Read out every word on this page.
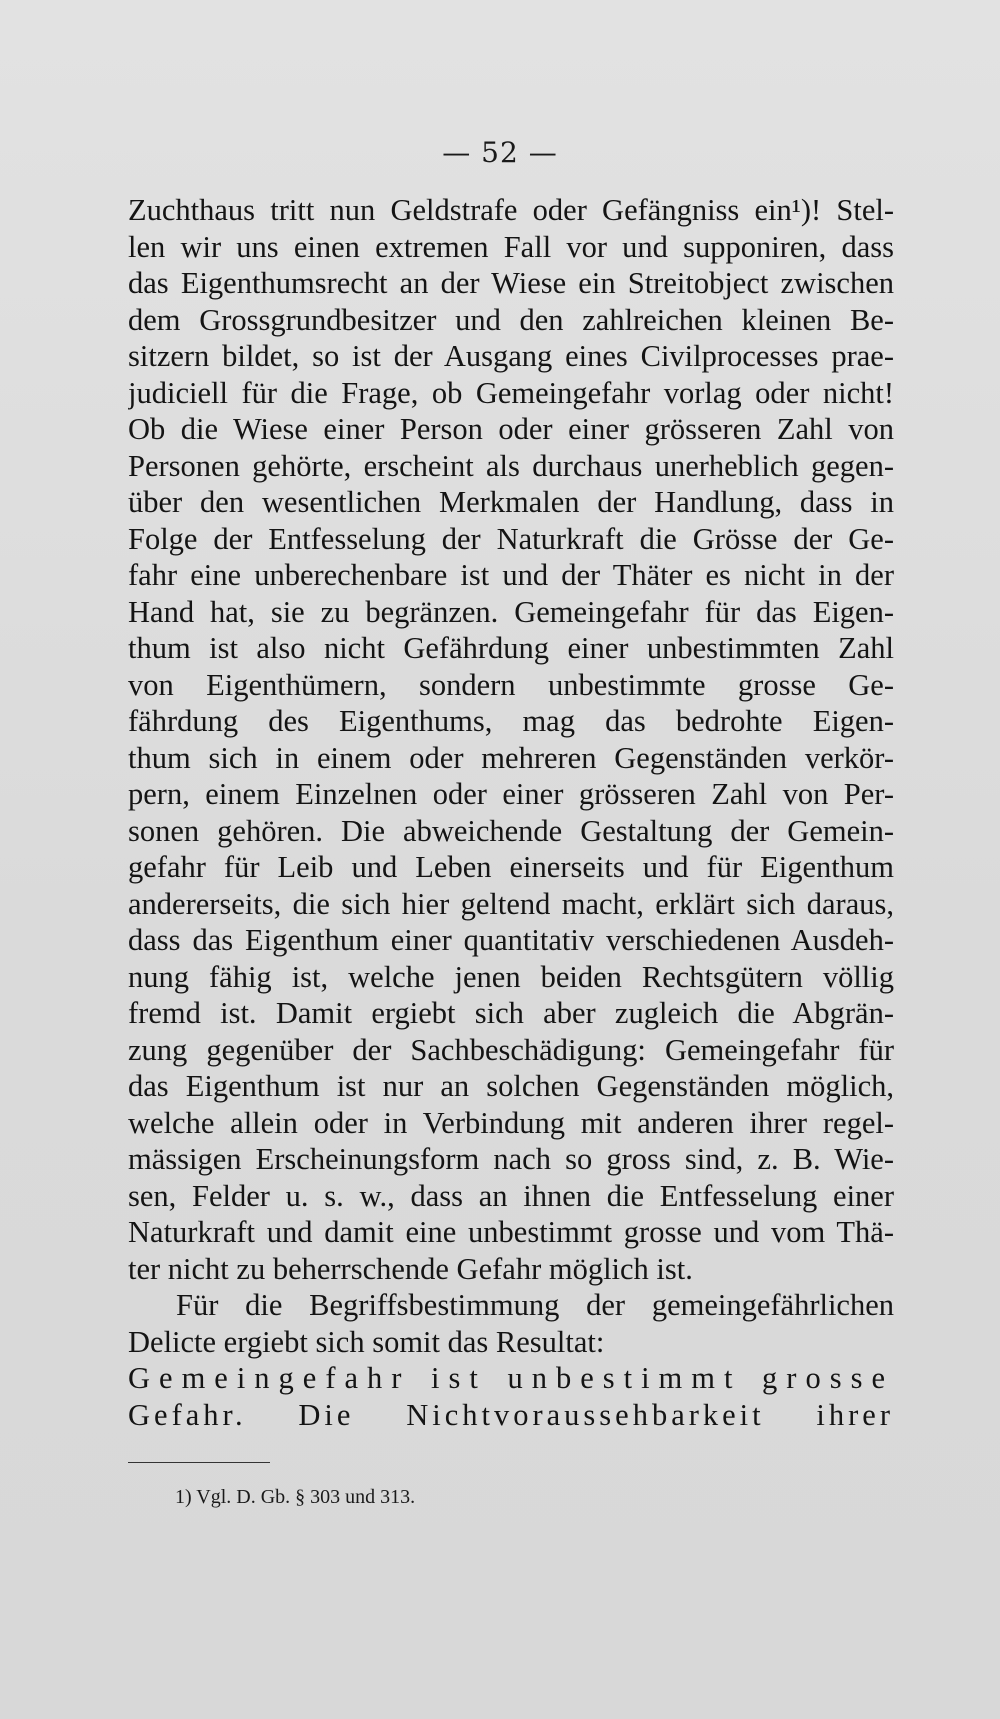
— 52 —
Zuchthaus tritt nun Geldstrafe oder Gefängniss ein¹)! Stel-
len wir uns einen extremen Fall vor und supponiren, dass
das Eigenthumsrecht an der Wiese ein Streitobject zwischen
dem Grossgrundbesitzer und den zahlreichen kleinen Be-
sitzern bildet, so ist der Ausgang eines Civilprocesses prae-
judiciell für die Frage, ob Gemeingefahr vorlag oder nicht!
Ob die Wiese einer Person oder einer grösseren Zahl von
Personen gehörte, erscheint als durchaus unerheblich gegen-
über den wesentlichen Merkmalen der Handlung, dass in
Folge der Entfesselung der Naturkraft die Grösse der Ge-
fahr eine unberechenbare ist und der Thäter es nicht in der
Hand hat, sie zu begränzen. Gemeingefahr für das Eigen-
thum ist also nicht Gefährdung einer unbestimmten Zahl
von Eigenthümern, sondern unbestimmte grosse Ge-
fährdung des Eigenthums, mag das bedrohte Eigen-
thum sich in einem oder mehreren Gegenständen verkör-
pern, einem Einzelnen oder einer grösseren Zahl von Per-
sonen gehören. Die abweichende Gestaltung der Gemein-
gefahr für Leib und Leben einerseits und für Eigenthum
andererseits, die sich hier geltend macht, erklärt sich daraus,
dass das Eigenthum einer quantitativ verschiedenen Ausdeh-
nung fähig ist, welche jenen beiden Rechtsgütern völlig
fremd ist. Damit ergiebt sich aber zugleich die Abgrän-
zung gegenüber der Sachbeschädigung: Gemeingefahr für
das Eigenthum ist nur an solchen Gegenständen möglich,
welche allein oder in Verbindung mit anderen ihrer regel-
mässigen Erscheinungsform nach so gross sind, z. B. Wie-
sen, Felder u. s. w., dass an ihnen die Entfesselung einer
Naturkraft und damit eine unbestimmt grosse und vom Thä-
ter nicht zu beherrschende Gefahr möglich ist.
Für die Begriffsbestimmung der gemeingefährlichen
Delicte ergiebt sich somit das Resultat:
Gemeingefahr ist unbestimmt grosse
Gefahr. Die Nichtvoraussehbarkeit ihrer
1) Vgl. D. Gb. § 303 und 313.
